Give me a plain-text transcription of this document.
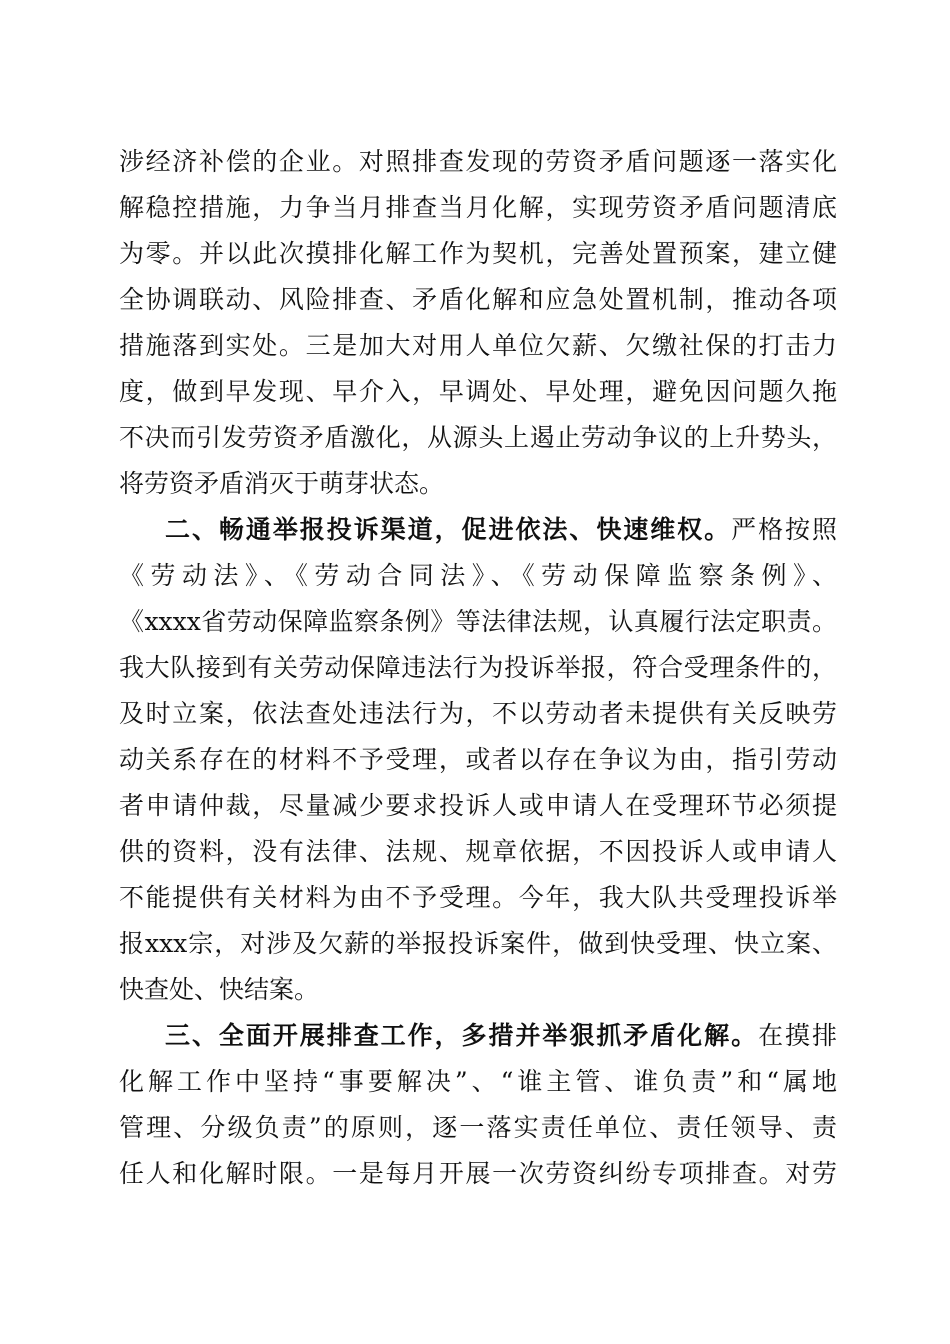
涉经济补偿的企业。对照排查发现的劳资矛盾问题逐一落实化
解稳控措施，力争当月排查当月化解，实现劳资矛盾问题清底
为零。并以此次摸排化解工作为契机，完善处置预案，建立健
全协调联动、风险排查、矛盾化解和应急处置机制，推动各项
措施落到实处。三是加大对用人单位欠薪、欠缴社保的打击力
度，做到早发现、早介入，早调处、早处理，避免因问题久拖
不决而引发劳资矛盾激化，从源头上遏止劳动争议的上升势头，
将劳资矛盾消灭于萌芽状态。
二、畅通举报投诉渠道，促进依法、快速维权。严格按照
《劳动法》、《劳动合同法》、《劳动保障监察条例》、
《xxxx省劳动保障监察条例》等法律法规，认真履行法定职责。
我大队接到有关劳动保障违法行为投诉举报，符合受理条件的，
及时立案，依法查处违法行为，不以劳动者未提供有关反映劳
动关系存在的材料不予受理，或者以存在争议为由，指引劳动
者申请仲裁，尽量减少要求投诉人或申请人在受理环节必须提
供的资料，没有法律、法规、规章依据，不因投诉人或申请人
不能提供有关材料为由不予受理。今年，我大队共受理投诉举
报xxx宗，对涉及欠薪的举报投诉案件，做到快受理、快立案、
快查处、快结案。
三、全面开展排查工作，多措并举狠抓矛盾化解。在摸排
化解工作中坚持“事要解决”、“谁主管、谁负责”和“属地
管理、分级负责”的原则，逐一落实责任单位、责任领导、责
任人和化解时限。一是每月开展一次劳资纠纷专项排查。对劳
